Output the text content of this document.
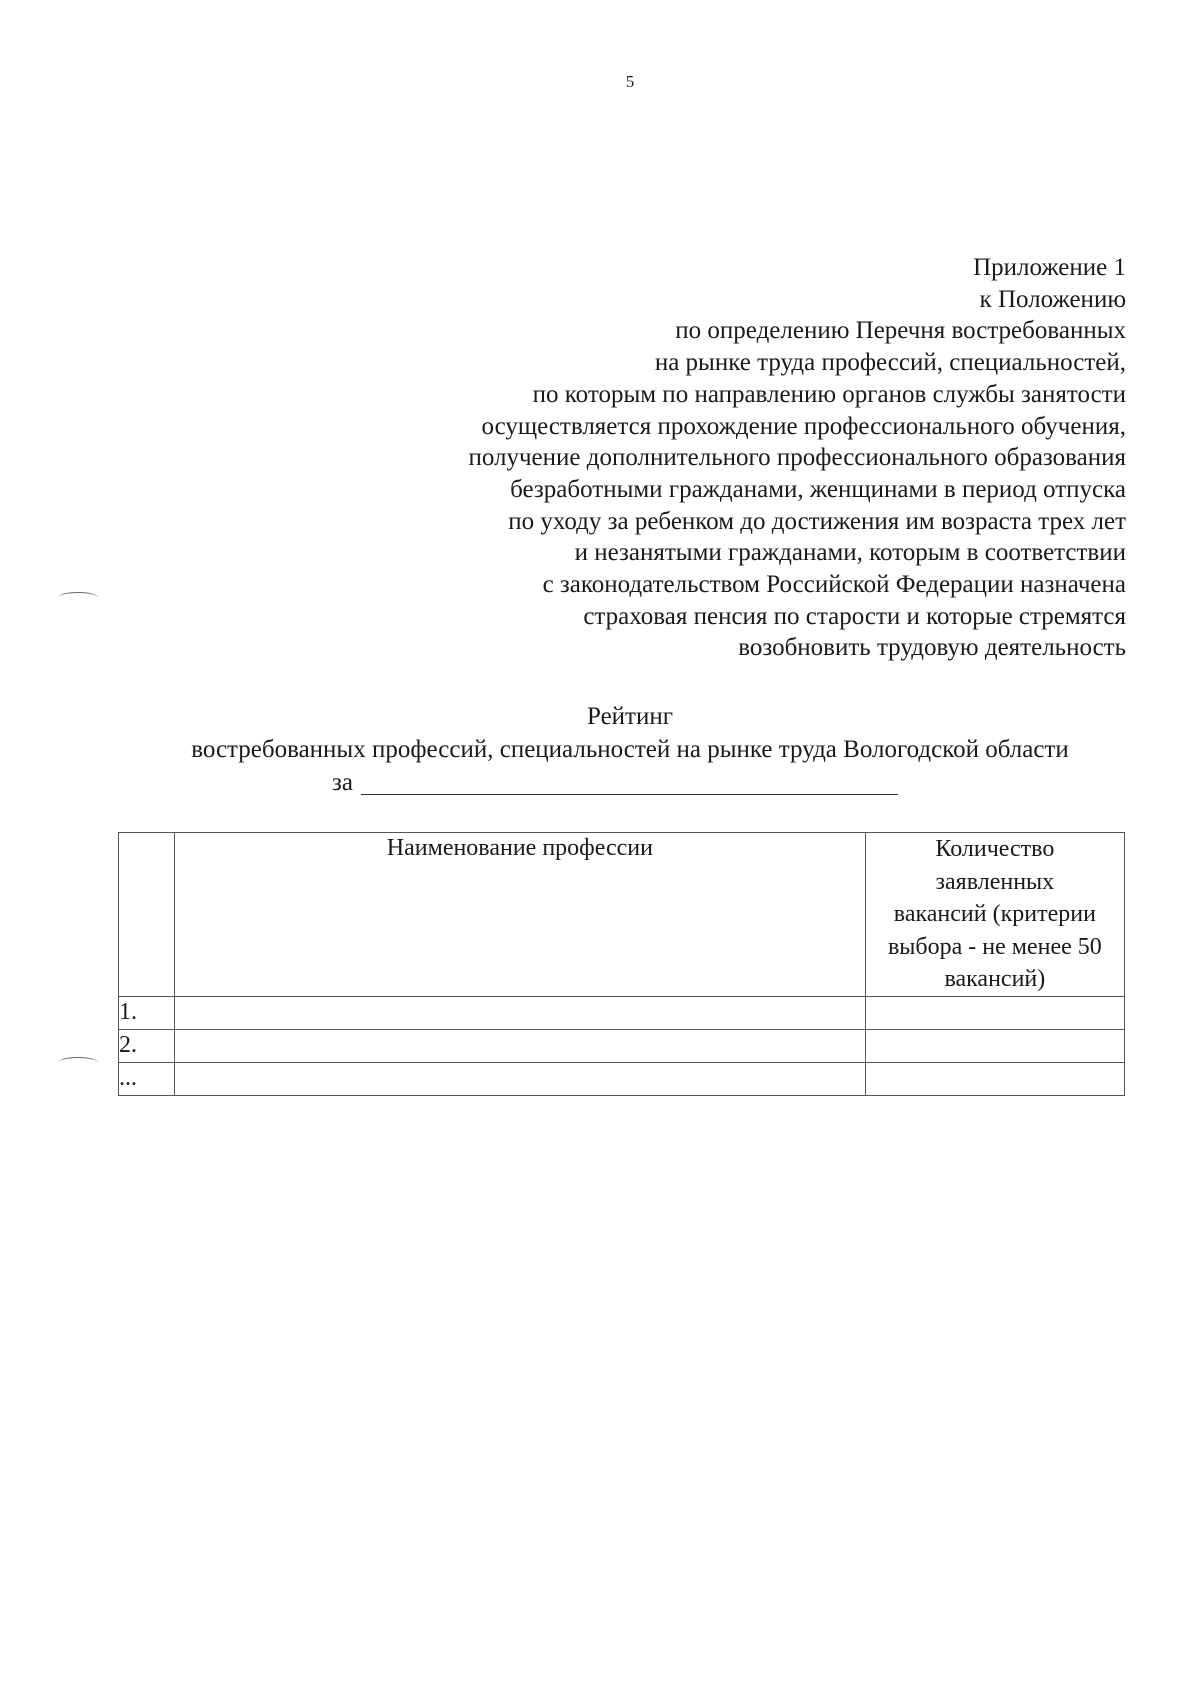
5
Приложение 1
к Положению
по определению Перечня востребованных
на рынке труда профессий, специальностей,
по которым по направлению органов службы занятости
осуществляется прохождение профессионального обучения,
получение дополнительного профессионального образования
безработными гражданами, женщинами в период отпуска
по уходу за ребенком до достижения им возраста трех лет
и незанятыми гражданами, которым в соответствии
с законодательством Российской Федерации назначена
страховая пенсия по старости и которые стремятся
возобновить трудовую деятельность
Рейтинг
востребованных профессий, специальностей на рынке труда Вологодской области
за
	Наименование профессии	Количество
заявленных
вакансий (критерии
выбора - не менее 50
вакансий)

1.		
2.		
...		
